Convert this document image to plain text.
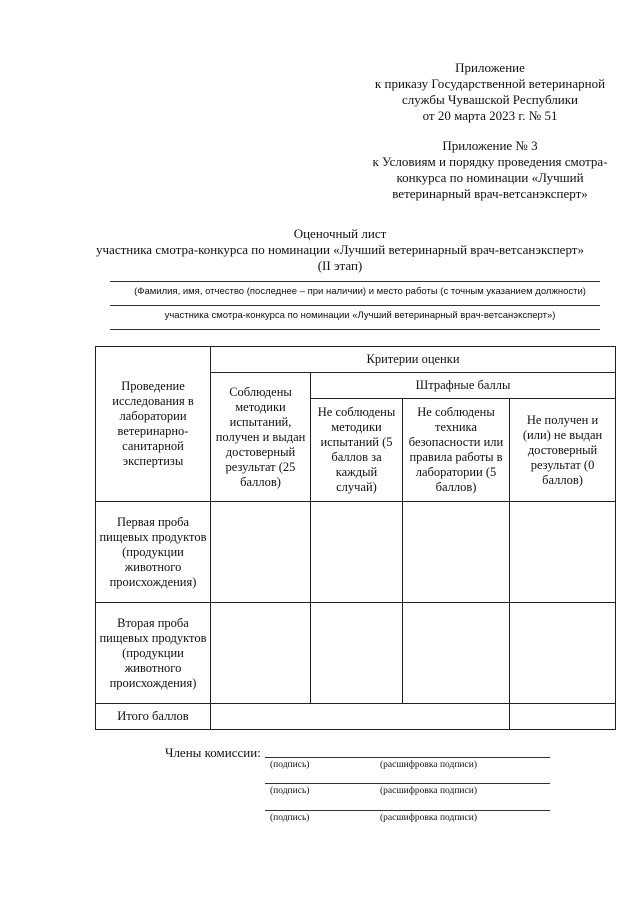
Приложение
к приказу Государственной ветеринарной
службы Чувашской Республики
от 20 марта 2023 г. № 51
Приложение № 3
к Условиям и порядку проведения смотра-
конкурса по номинации «Лучший
ветеринарный врач-ветсанэксперт»
Оценочный лист
участника смотра-конкурса по номинации «Лучший ветеринарный врач-ветсанэксперт»
(II этап)
(Фамилия, имя, отчество (последнее – при наличии) и место работы (с точным указанием должности)
участника смотра-конкурса по номинации «Лучший ветеринарный врач-ветсанэксперт»)
Проведение исследования в лаборатории ветеринарно-санитарной экспертизы	Критерии оценки			
	Соблюдены методики испытаний, получен и выдан достоверный результат (25 баллов)	Штрафные баллы		
		Не соблюдены методики испытаний (5 баллов за каждый случай)	Не соблюдены техника безопасности или правила работы в лаборатории (5 баллов)	Не получен и (или) не выдан достоверный результат (0 баллов)
Первая проба пищевых продуктов (продукции животного происхождения)				
Вторая проба пищевых продуктов (продукции животного происхождения)				
Итого баллов				
Члены комиссии:
(подпись)	(расшифровка подписи)
(подпись)	(расшифровка подписи)
(подпись)	(расшифровка подписи)
